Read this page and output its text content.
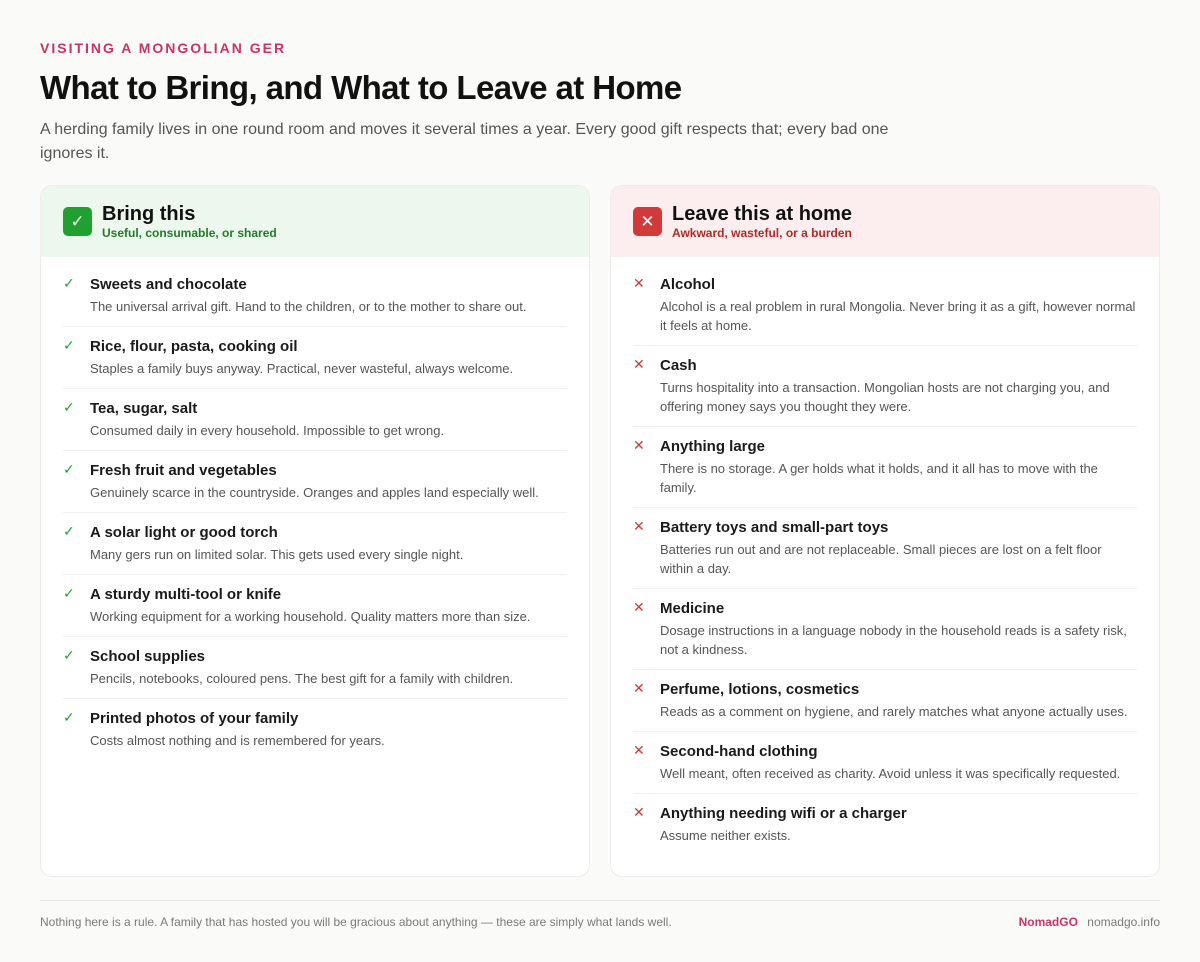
VISITING A MONGOLIAN GER
What to Bring, and What to Leave at Home

A herding family lives in one round room and moves it several times a year. Every good gift respects that; every bad one ignores it.

✓ Bring this
Useful, consumable, or shared
✓	Sweets and chocolate
The universal arrival gift. Hand to the children, or to the mother to share out.
✓	Rice, flour, pasta, cooking oil
Staples a family buys anyway. Practical, never wasteful, always welcome.
✓	Tea, sugar, salt
Consumed daily in every household. Impossible to get wrong.
✓	Fresh fruit and vegetables
Genuinely scarce in the countryside. Oranges and apples land especially well.
✓	A solar light or good torch
Many gers run on limited solar. This gets used every single night.
✓	A sturdy multi-tool or knife
Working equipment for a working household. Quality matters more than size.
✓	School supplies
Pencils, notebooks, coloured pens. The best gift for a family with children.
✓	Printed photos of your family
Costs almost nothing and is remembered for years.
✕ Leave this at home
Awkward, wasteful, or a burden
✕	Alcohol
Alcohol is a real problem in rural Mongolia. Never bring it as a gift, however normal it feels at home.
✕	Cash
Turns hospitality into a transaction. Mongolian hosts are not charging you, and offering money says you thought they were.
✕	Anything large
There is no storage. A ger holds what it holds, and it all has to move with the family.
✕	Battery toys and small-part toys
Batteries run out and are not replaceable. Small pieces are lost on a felt floor within a day.
✕	Medicine
Dosage instructions in a language nobody in the household reads is a safety risk, not a kindness.
✕	Perfume, lotions, cosmetics
Reads as a comment on hygiene, and rarely matches what anyone actually uses.
✕	Second-hand clothing
Well meant, often received as charity. Avoid unless it was specifically requested.
✕	Anything needing wifi or a charger
Assume neither exists.
Nothing here is a rule. A family that has hosted you will be gracious about anything — these are simply what lands well.	NomadGO nomadgo.info
